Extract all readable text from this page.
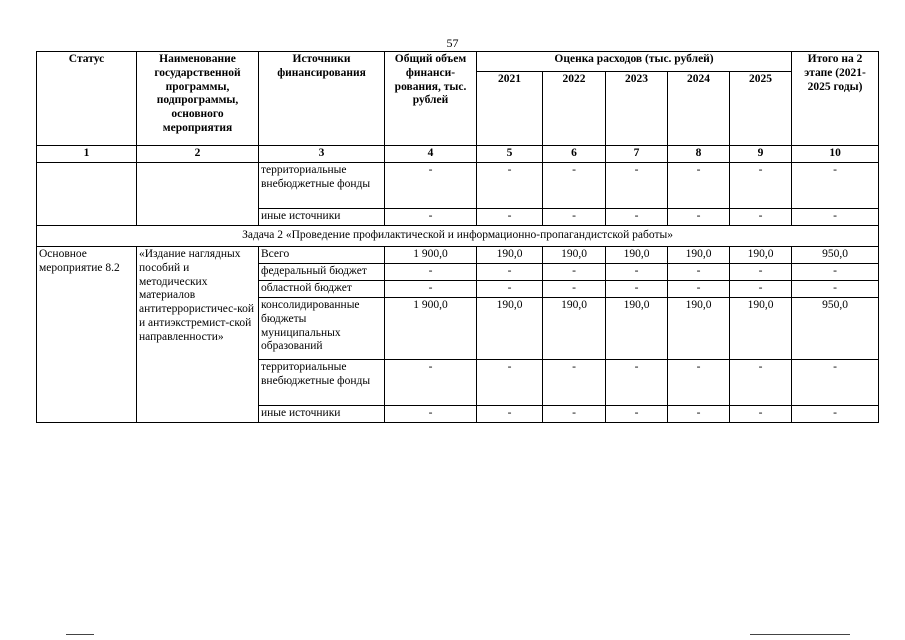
57
Статус	Наименование государственной программы, подпрограммы, основного мероприятия	Источники финансирования	Общий объем финанси-рования, тыс. рублей	Оценка расходов (тыс. рублей)					Итого на 2 этапе (2021-2025 годы)
				2021	2022	2023	2024	2025	
1	2	3	4	5	6	7	8	9	10
		территориальные внебюджетные фонды	-	-	-	-	-	-	-
		иные источники	-	-	-	-	-	-	-
Задача 2 «Проведение профилактической и информационно-пропагандистской работы»									
Основное мероприятие 8.2	«Издание наглядных пособий и методических материалов антитеррористичес-кой и антиэкстремист-ской направленности»	Всего	1 900,0	190,0	190,0	190,0	190,0	190,0	950,0
		федеральный бюджет	-	-	-	-	-	-	-
		областной бюджет	-	-	-	-	-	-	-
		консолидированные бюджеты муниципальных образований	1 900,0	190,0	190,0	190,0	190,0	190,0	950,0
		территориальные внебюджетные фонды	-	-	-	-	-	-	-
		иные источники	-	-	-	-	-	-	-
